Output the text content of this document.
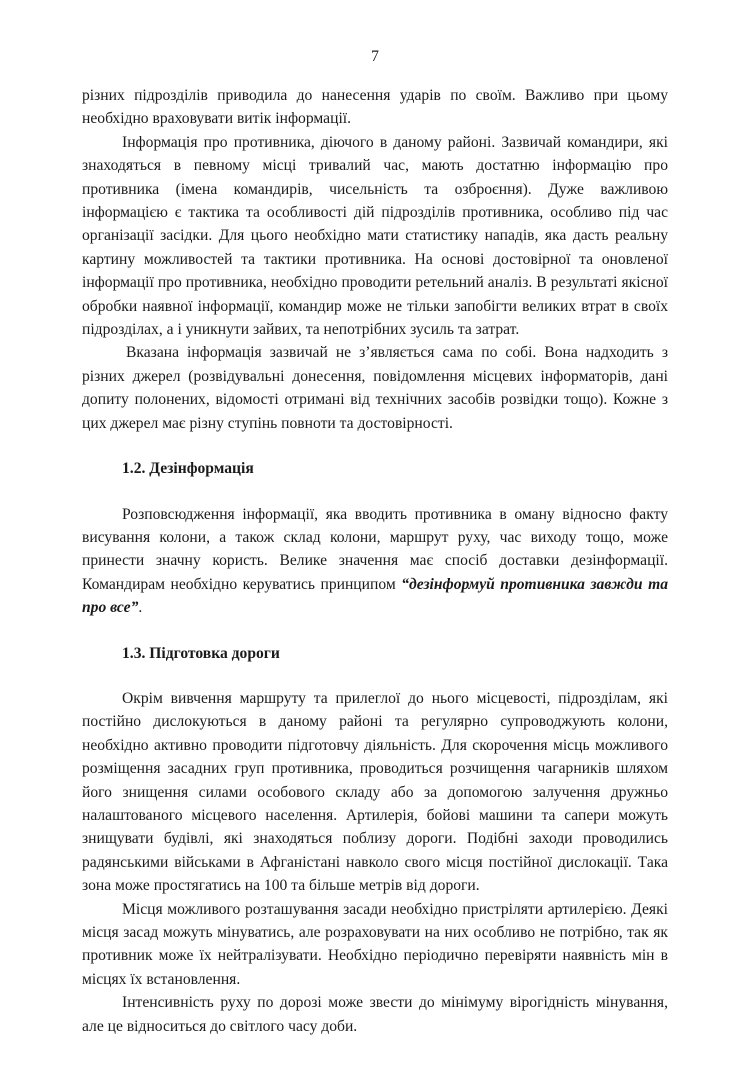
7

різних підрозділів приводила до нанесення ударів по своїм. Важливо при цьому необхідно враховувати витік інформації.

Інформація про противника, діючого в даному районі. Зазвичай командири, які знаходяться в певному місці тривалий час, мають достатню інформацію про противника (імена командирів, чисельність та озброєння). Дуже важливою інформацією є тактика та особливості дій підрозділів противника, особливо під час організації засідки. Для цього необхідно мати статистику нападів, яка дасть реальну картину можливостей та тактики противника. На основі достовірної та оновленої інформації про противника, необхідно проводити ретельний аналіз. В результаті якісної обробки наявної інформації, командир може не тільки запобігти великих втрат в своїх підрозділах, а і уникнути зайвих, та непотрібних зусиль та затрат.

Вказана інформація зазвичай не з’являється сама по собі. Вона надходить з різних джерел (розвідувальні донесення, повідомлення місцевих інформаторів, дані допиту полонених, відомості отримані від технічних засобів розвідки тощо). Кожне з цих джерел має різну ступінь повноти та достовірності.

1.2. Дезінформація

Розповсюдження інформації, яка вводить противника в оману відносно факту висування колони, а також склад колони, маршрут руху, час виходу тощо, може принести значну користь. Велике значення має спосіб доставки дезінформації. Командирам необхідно керуватись принципом “дезінформуй противника завжди та про все”.

1.3. Підготовка дороги

Окрім вивчення маршруту та прилеглої до нього місцевості, підрозділам, які постійно дислокуються в даному районі та регулярно супроводжують колони, необхідно активно проводити підготовчу діяльність. Для скорочення місць можливого розміщення засадних груп противника, проводиться розчищення чагарників шляхом його знищення силами особового складу або за допомогою залучення дружньо налаштованого місцевого населення. Артилерія, бойові машини та сапери можуть знищувати будівлі, які знаходяться поблизу дороги. Подібні заходи проводились радянськими військами в Афганістані навколо свого місця постійної дислокації. Така зона може простягатись на 100 та більше метрів від дороги.

Місця можливого розташування засади необхідно пристріляти артилерією. Деякі місця засад можуть мінуватись, але розраховувати на них особливо не потрібно, так як противник може їх нейтралізувати. Необхідно періодично перевіряти наявність мін в місцях їх встановлення.

Інтенсивність руху по дорозі може звести до мінімуму вірогідність мінування, але це відноситься до світлого часу доби.
